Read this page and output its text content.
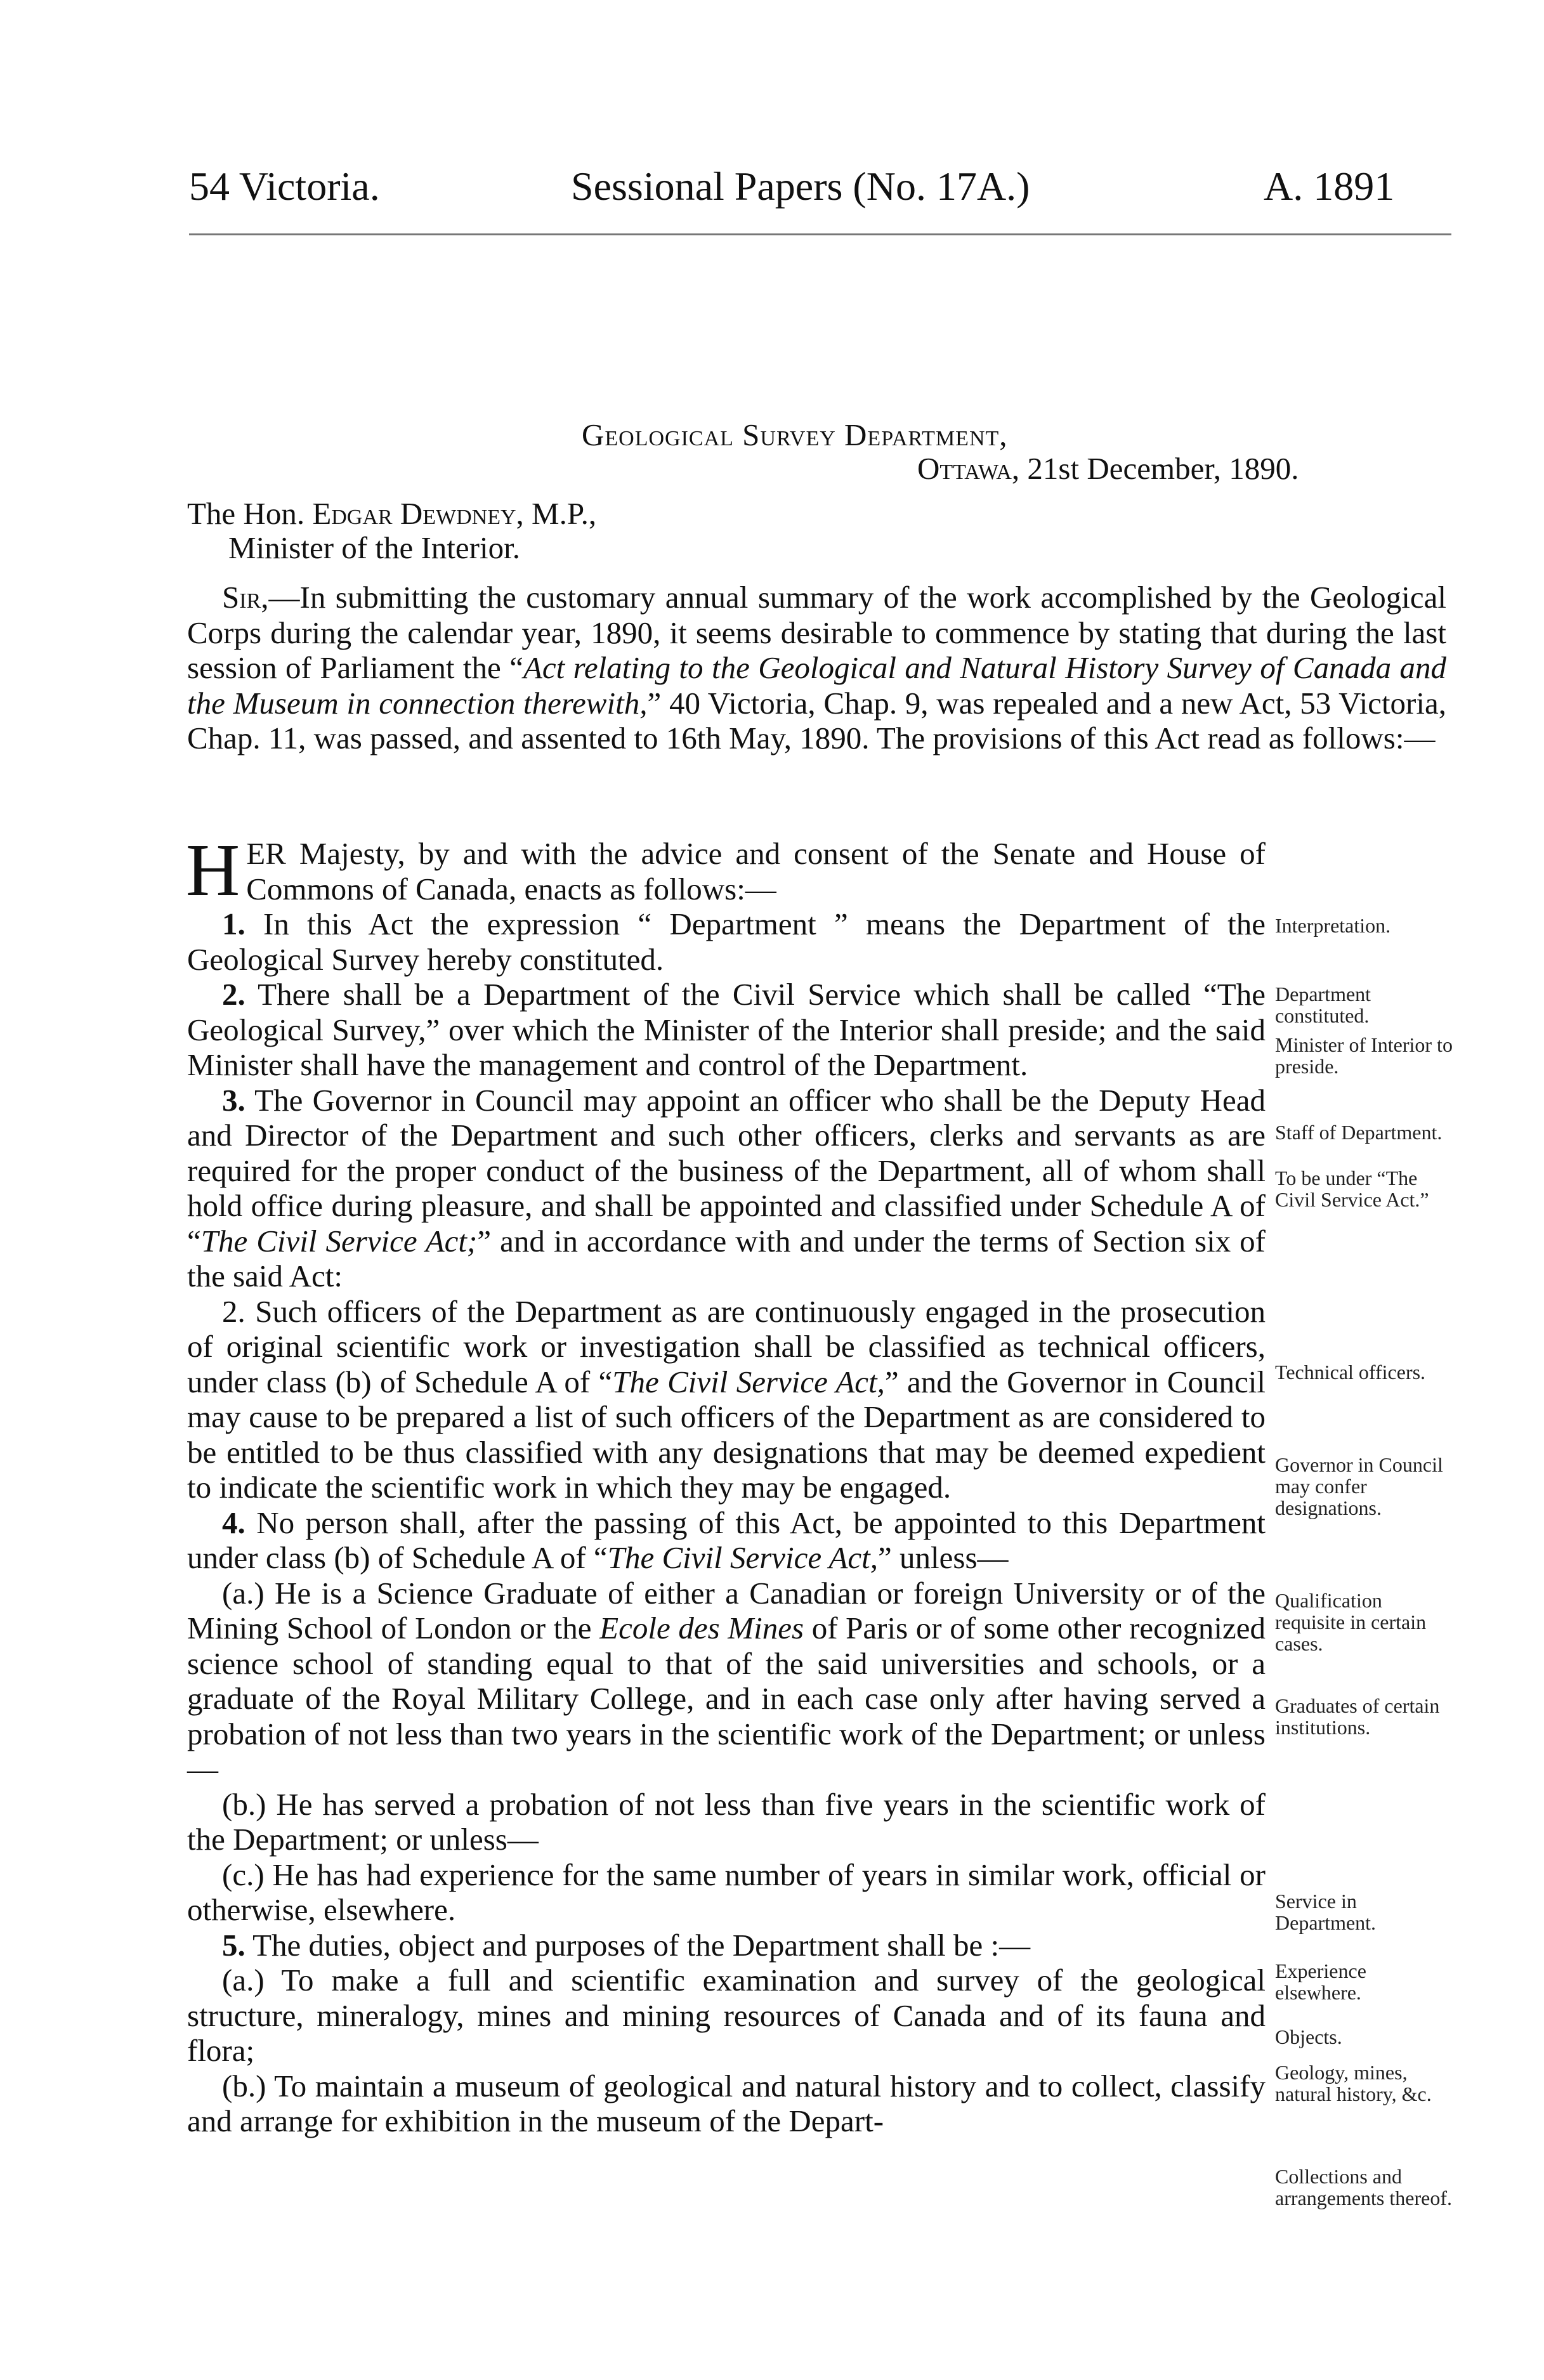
54 Victoria.	Sessional Papers (No. 17A.)	A. 1891
Geological Survey Department,
Ottawa, 21st December, 1890.
The Hon. Edgar Dewdney, M.P.,
Minister of the Interior.

Sir,—In submitting the customary annual summary of the work accomplished by the Geological Corps during the calendar year, 1890, it seems desirable to commence by stating that during the last session of Parliament the “Act relating to the Geological and Natural History Survey of Canada and the Museum in connection therewith,” 40 Victoria, Chap. 9, was repealed and a new Act, 53 Victoria, Chap. 11, was passed, and assented to 16th May, 1890. The provisions of this Act read as follows:—

HER Majesty, by and with the advice and consent of the Senate and House of Commons of Canada, enacts as follows:—

1. In this Act the expression “ Department ” means the Department of the Geological Survey hereby constituted.

2. There shall be a Department of the Civil Service which shall be called “The Geological Survey,” over which the Minister of the Interior shall preside; and the said Minister shall have the management and control of the Department.

3. The Governor in Council may appoint an officer who shall be the Deputy Head and Director of the Department and such other officers, clerks and servants as are required for the proper conduct of the business of the Department, all of whom shall hold office during pleasure, and shall be appointed and classified under Schedule A of “The Civil Service Act;” and in accordance with and under the terms of Section six of the said Act:

2. Such officers of the Department as are continuously engaged in the prosecution of original scientific work or investigation shall be classified as technical officers, under class (b) of Schedule A of “The Civil Service Act,” and the Governor in Council may cause to be prepared a list of such officers of the Department as are considered to be entitled to be thus classified with any designations that may be deemed expedient to indicate the scientific work in which they may be engaged.

4. No person shall, after the passing of this Act, be appointed to this Department under class (b) of Schedule A of “The Civil Service Act,” unless—

(a.) He is a Science Graduate of either a Canadian or foreign University or of the Mining School of London or the Ecole des Mines of Paris or of some other recognized science school of standing equal to that of the said universities and schools, or a graduate of the Royal Military College, and in each case only after having served a probation of not less than two years in the scientific work of the Department; or unless—

(b.) He has served a probation of not less than five years in the scientific work of the Department; or unless—

(c.) He has had experience for the same number of years in similar work, official or otherwise, elsewhere.

5. The duties, object and purposes of the Department shall be :—

(a.) To make a full and scientific examination and survey of the geological structure, mineralogy, mines and mining resources of Canada and of its fauna and flora;

(b.) To maintain a museum of geological and natural history and to collect, classify and arrange for exhibition in the museum of the Depart-

Interpretation.
Department constituted.
Minister of Interior to preside.
Staff of Department.
To be under “The Civil Service Act.”
Technical officers.
Governor in Council may confer designations.
Qualification requisite in certain cases.
Graduates of certain institutions.
Service in Department.
Experience elsewhere.
Objects.
Geology, mines, natural history, &c.
Collections and arrangements thereof.
